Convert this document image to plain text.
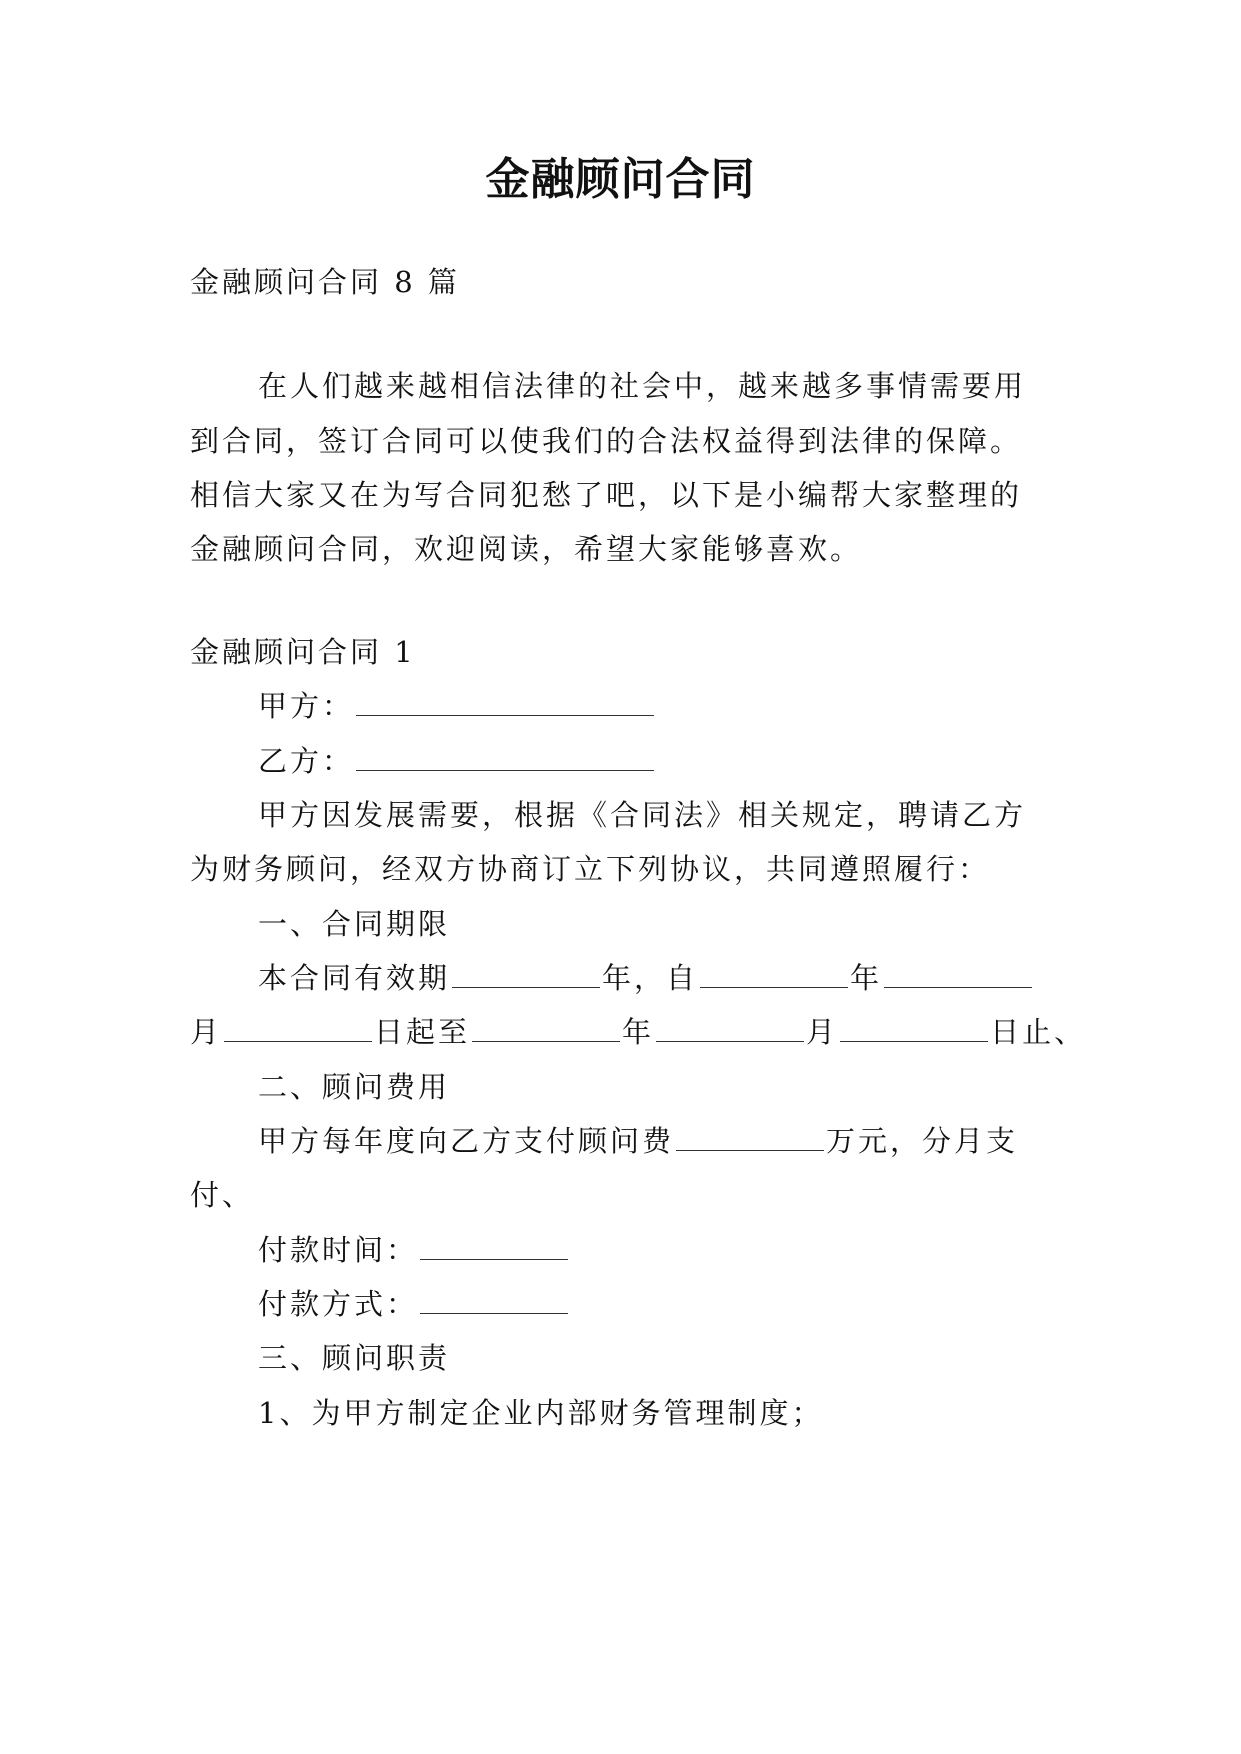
金融顾问合同
金融顾问合同 8 篇
在人们越来越相信法律的社会中，越来越多事情需要用
到合同，签订合同可以使我们的合法权益得到法律的保障。
相信大家又在为写合同犯愁了吧，以下是小编帮大家整理的
金融顾问合同，欢迎阅读，希望大家能够喜欢。
金融顾问合同 1
甲方：
乙方：
甲方因发展需要，根据《合同法》相关规定，聘请乙方
为财务顾问，经双方协商订立下列协议，共同遵照履行：
一、合同期限
本合同有效期	年，自	年
月	日起至	年	月	日止、
二、顾问费用
甲方每年度向乙方支付顾问费	万元，分月支
付、
付款时间：
付款方式：
三、顾问职责
1、为甲方制定企业内部财务管理制度；
